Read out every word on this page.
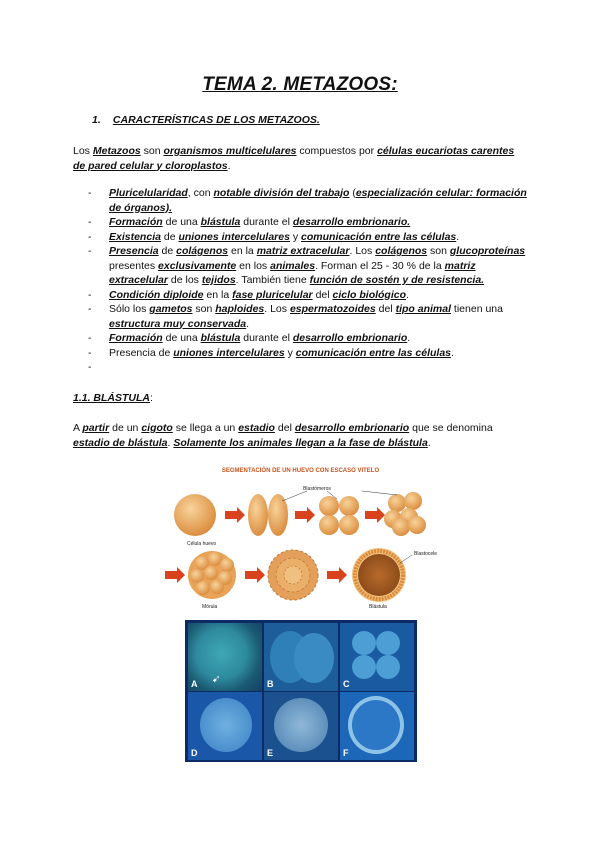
TEMA 2. METAZOOS:
1. CARACTERÍSTICAS DE LOS METAZOOS.
Los Metazoos son organismos multicelulares compuestos por células eucariotas carentes de pared celular y cloroplastos.
- Pluricelularidad, con notable división del trabajo (especialización celular: formación de órganos).
- Formación de una blástula durante el desarrollo embrionario.
- Existencia de uniones intercelulares y comunicación entre las células.
- Presencia de colágenos en la matriz extracelular. Los colágenos son glucoproteínas presentes exclusivamente en los animales. Forman el 25 - 30 % de la matriz extracelular de los tejidos. También tiene función de sostén y de resistencia.
- Condición diploide en la fase pluricelular del ciclo biológico.
- Sólo los gametos son haploides. Los espermatozoides del tipo animal tienen una estructura muy conservada.
- Formación de una blástula durante el desarrollo embrionario.
- Presencia de uniones intercelulares y comunicación entre las células.
-

1.1. BLÁSTULA:
A partir de un cigoto se llega a un estadio del desarrollo embrionario que se denomina estadio de blástula. Solamente los animales llegan a la fase de blástula.
SEGMENTACIÓN DE UN HUEVO CON ESCASO VITELO
Blastómeros
Célula huevo
Mórula
Blastocele
Blástula
A ➹	B	C
D	E	F
